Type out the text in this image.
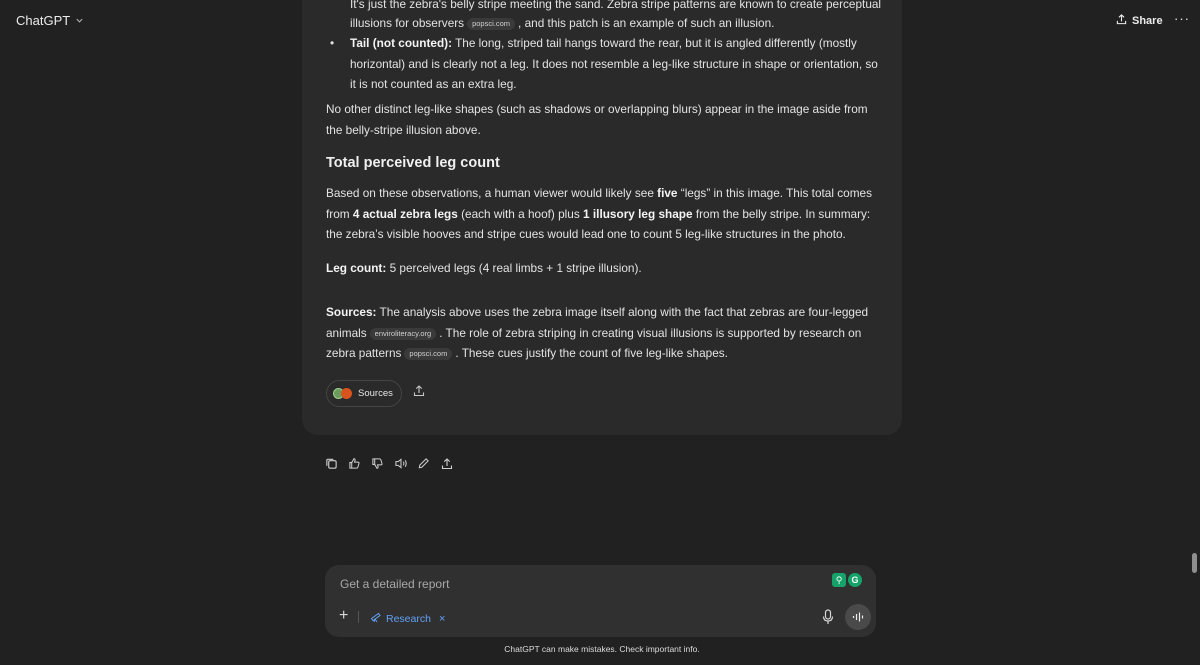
ChatGPT	Share ···
It's just the zebra's belly stripe meeting the sand. Zebra stripe patterns are known to create perceptual
illusions for observers popsci.com , and this patch is an example of such an illusion.
• Tail (not counted): The long, striped tail hangs toward the rear, but it is angled differently (mostly horizontal) and is clearly not a leg. It does not resemble a leg-like structure in shape or orientation, so it is not counted as an extra leg.
No other distinct leg-like shapes (such as shadows or overlapping blurs) appear in the image aside from the belly-stripe illusion above.
Total perceived leg count
Based on these observations, a human viewer would likely see five “legs” in this image. This total comes from 4 actual zebra legs (each with a hoof) plus 1 illusory leg shape from the belly stripe. In summary: the zebra’s visible hooves and stripe cues would lead one to count 5 leg-like structures in the photo.
Leg count: 5 perceived legs (4 real limbs + 1 stripe illusion).
Sources: The analysis above uses the zebra image itself along with the fact that zebras are four-legged animals enviroliteracy.org . The role of zebra striping in creating visual illusions is supported by research on zebra patterns popsci.com . These cues justify the count of five leg-like shapes.
Sources
Get a detailed report	⚲	G
+	Research ×
ChatGPT can make mistakes. Check important info.
